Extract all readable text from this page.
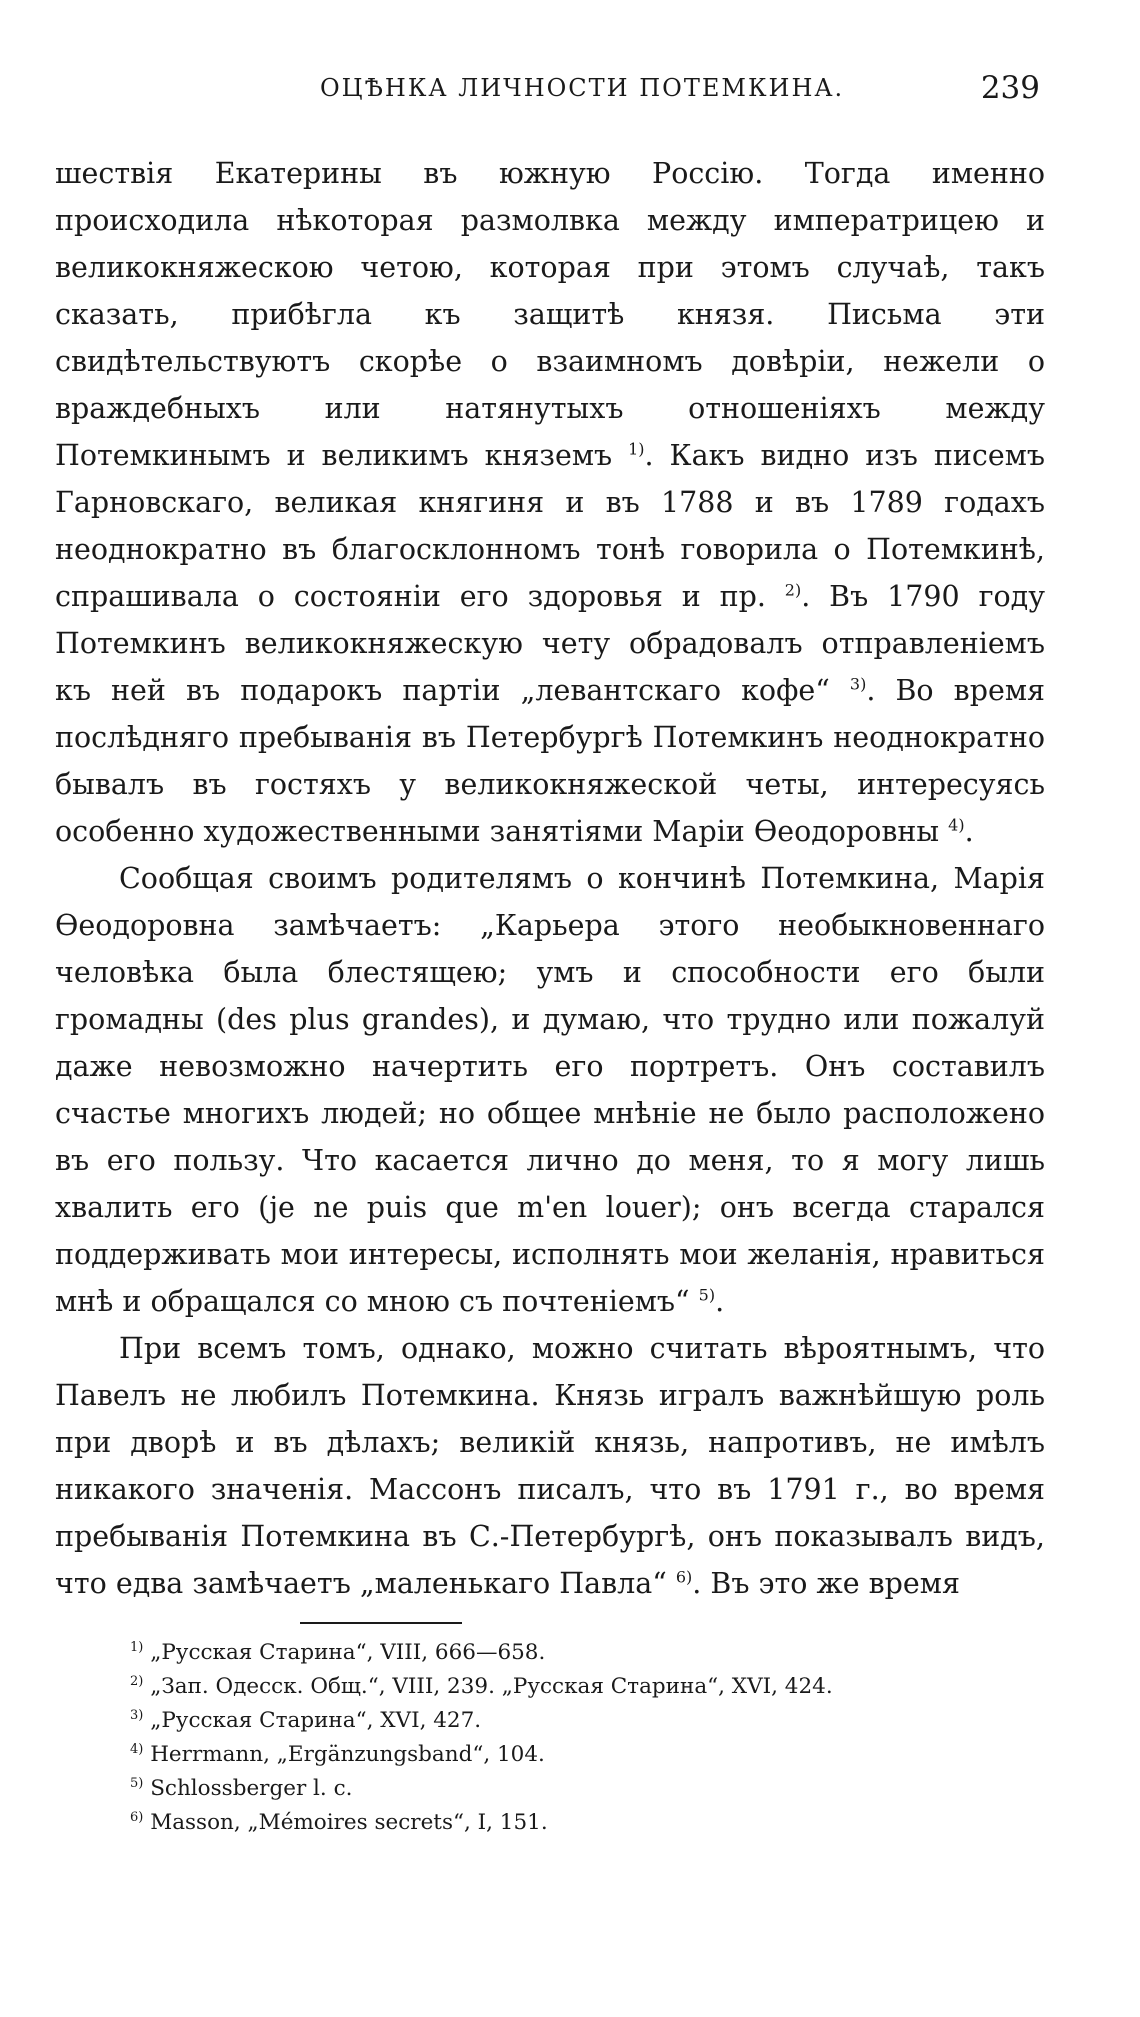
ОЦѢНКА ЛИЧНОСТИ ПОТЕМКИНА.	239

шествія Екатерины въ южную Россію. Тогда именно происходила нѣкоторая размолвка между императрицею и великокняжескою четою, которая при этомъ случаѣ, такъ сказать, прибѣгла къ защитѣ князя. Письма эти свидѣтельствуютъ скорѣе о взаимномъ довѣріи, нежели о враждебныхъ или натянутыхъ отношеніяхъ между Потемкинымъ и великимъ княземъ $^{1)}$. Какъ видно изъ писемъ Гарновскаго, великая княгиня и въ 1788 и въ 1789 годахъ неоднократно въ благосклонномъ тонѣ говорила о Потемкинѣ, спрашивала о состояніи его здоровья и пр. $^{2)}$. Въ 1790 году Потемкинъ великокняжескую чету обрадовалъ отправленіемъ къ ней въ подарокъ партіи „левантскаго кофе“ $^{3)}$. Во время послѣдняго пребыванія въ Петербургѣ Потемкинъ неоднократно бывалъ въ гостяхъ у великокняжеской четы, интересуясь особенно художественными занятіями Маріи Ѳеодоровны $^{4)}$.

Сообщая своимъ родителямъ о кончинѣ Потемкина, Марія Ѳеодоровна замѣчаетъ: „Карьера этого необыкновеннаго человѣка была блестящею; умъ и способности его были громадны (des plus grandes), и думаю, что трудно или пожалуй даже невозможно начертить его портретъ. Онъ составилъ счастье многихъ людей; но общее мнѣніе не было расположено въ его пользу. Что касается лично до меня, то я могу лишь хвалить его (je ne puis que m'en louer); онъ всегда старался поддерживать мои интересы, исполнять мои желанія, нравиться мнѣ и обращался со мною съ почтеніемъ“ $^{5)}$.

При всемъ томъ, однако, можно считать вѣроятнымъ, что Павелъ не любилъ Потемкина. Князь игралъ важнѣйшую роль при дворѣ и въ дѣлахъ; великій князь, напротивъ, не имѣлъ никакого значенія. Массонъ писалъ, что въ 1791 г., во время пребыванія Потемкина въ С.-Петербургѣ, онъ показывалъ видъ, что едва замѣчаетъ „маленькаго Павла“ $^{6)}$. Въ это же время

$^{1)}$ „Русская Старина“, VIII, 666—658.
$^{2)}$ „Зап. Одесск. Общ.“, VIII, 239. „Русская Старина“, XVI, 424.
$^{3)}$ „Русская Старина“, XVI, 427.
$^{4)}$ Herrmann, „Ergänzungsband“, 104.
$^{5)}$ Schlossberger l. c.
$^{6)}$ Masson, „Mémoires secrets“, I, 151.
